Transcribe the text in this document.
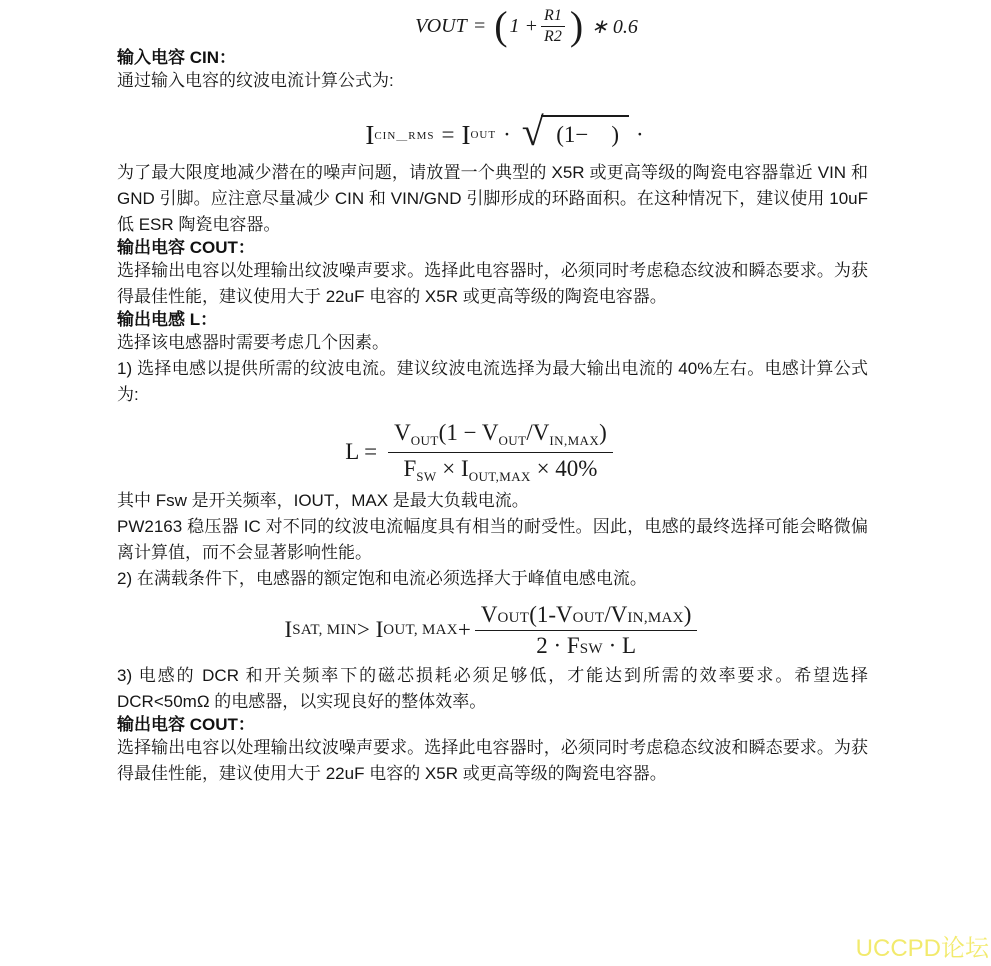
VOUT = ( $1 + \frac{R1}{R2}$ ) ∗ 0.6
输入电容 CIN：

通过输入电容的纹波电流计算公式为:

I CIN＿RMS = I OUT · √ (1−    ) ·

为了最大限度地减少潜在的噪声问题，请放置一个典型的 X5R 或更高等级的陶瓷电容器靠近 VIN 和 GND 引脚。应注意尽量减少 CIN 和 VIN/GND 引脚形成的环路面积。在这种情况下，建议使用 10uF 低 ESR 陶瓷电容器。

输出电容 COUT：

选择输出电容以处理输出纹波噪声要求。选择此电容器时，必须同时考虑稳态纹波和瞬态要求。为获得最佳性能，建议使用大于 22uF 电容的 X5R 或更高等级的陶瓷电容器。

输出电感 L：

选择该电感器时需要考虑几个因素。

1) 选择电感以提供所需的纹波电流。建议纹波电流选择为最大输出电流的 40%左右。电感计算公式为:

$L = \frac{V_{OUT}(1 - V_{OUT}/V_{IN,MAX})}{F_{SW} \times I_{OUT,MAX} \times 40\%}$

其中 Fsw 是开关频率，IOUT，MAX 是最大负载电流。

PW2163 稳压器 IC 对不同的纹波电流幅度具有相当的耐受性。因此，电感的最终选择可能会略微偏离计算值，而不会显著影响性能。

2) 在满载条件下，电感器的额定饱和电流必须选择大于峰值电感电流。

I SAT, MIN > I OUT, MAX + $\frac{\text{VOUT(1-VOUT/VIN,MAX)}}{\text{2 · FSW · L}}$

3) 电感的 DCR 和开关频率下的磁芯损耗必须足够低，才能达到所需的效率要求。希望选择 DCR<50mΩ 的电感器，以实现良好的整体效率。

输出电容 COUT：

选择输出电容以处理输出纹波噪声要求。选择此电容器时，必须同时考虑稳态纹波和瞬态要求。为获得最佳性能，建议使用大于 22uF 电容的 X5R 或更高等级的陶瓷电容器。

UCCPD论坛
